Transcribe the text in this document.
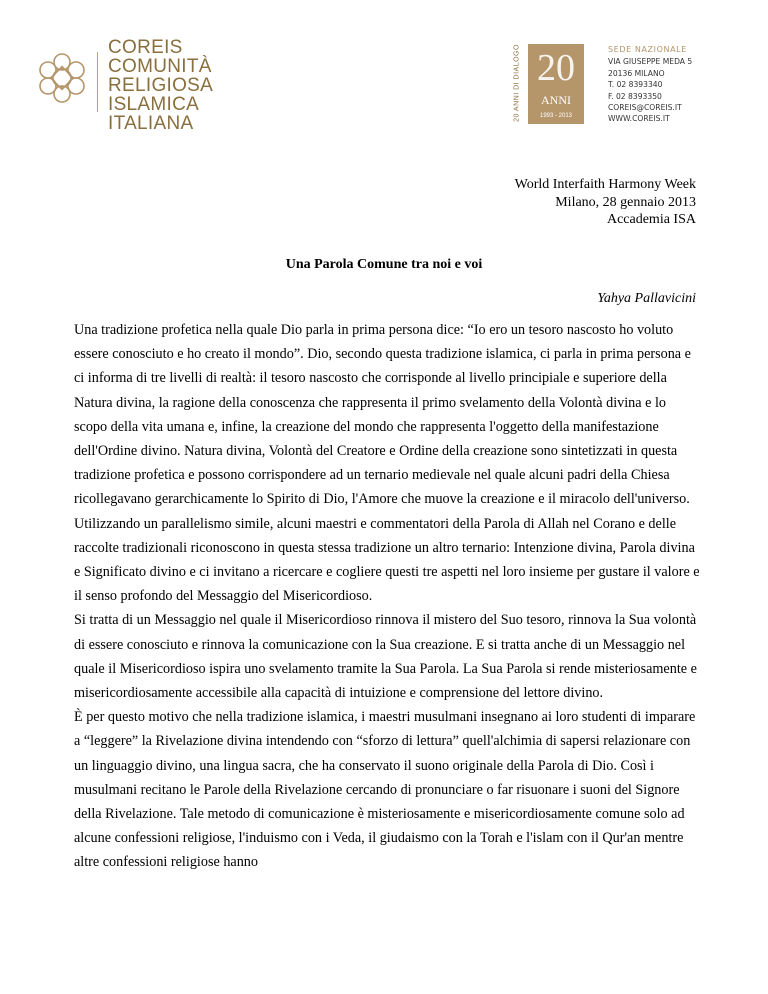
COREIS
COMUNITÀ
RELIGIOSA
ISLAMICA
ITALIANA
20 ANNI DI DIALOGO 20
ANNI
1993 - 2013
SEDE NAZIONALE
VIA GIUSEPPE MEDA 5
20136 MILANO
T. 02 8393340
F. 02 8393350
COREIS@COREIS.IT
WWW.COREIS.IT
World Interfaith Harmony Week
Milano, 28 gennaio 2013
Accademia ISA
Una Parola Comune tra noi e voi
Yahya Pallavicini

Una tradizione profetica nella quale Dio parla in prima persona dice: “Io ero un tesoro nascosto ho voluto essere conosciuto e ho creato il mondo”. Dio, secondo questa tradizione islamica, ci parla in prima persona e ci informa di tre livelli di realtà: il tesoro nascosto che corrisponde al livello principiale e superiore della Natura divina, la ragione della conoscenza che rappresenta il primo svelamento della Volontà divina e lo scopo della vita umana e, infine, la creazione del mondo che rappresenta l'oggetto della manifestazione dell'Ordine divino. Natura divina, Volontà del Creatore e Ordine della creazione sono sintetizzati in questa tradizione profetica e possono corrispondere ad un ternario medievale nel quale alcuni padri della Chiesa ricollegavano gerarchicamente lo Spirito di Dio, l'Amore che muove la creazione e il miracolo dell'universo.

Utilizzando un parallelismo simile, alcuni maestri e commentatori della Parola di Allah nel Corano e delle raccolte tradizionali riconoscono in questa stessa tradizione un altro ternario: Intenzione divina, Parola divina e Significato divino e ci invitano a ricercare e cogliere questi tre aspetti nel loro insieme per gustare il valore e il senso profondo del Messaggio del Misericordioso.

Si tratta di un Messaggio nel quale il Misericordioso rinnova il mistero del Suo tesoro, rinnova la Sua volontà di essere conosciuto e rinnova la comunicazione con la Sua creazione. E si tratta anche di un Messaggio nel quale il Misericordioso ispira uno svelamento tramite la Sua Parola. La Sua Parola si rende misteriosamente e misericordiosamente accessibile alla capacità di intuizione e comprensione del lettore divino.

È per questo motivo che nella tradizione islamica, i maestri musulmani insegnano ai loro studenti di imparare a “leggere” la Rivelazione divina intendendo con “sforzo di lettura” quell'alchimia di sapersi relazionare con un linguaggio divino, una lingua sacra, che ha conservato il suono originale della Parola di Dio. Così i musulmani recitano le Parole della Rivelazione cercando di pronunciare o far risuonare i suoni del Signore della Rivelazione. Tale metodo di comunicazione è misteriosamente e misericordiosamente comune solo ad alcune confessioni religiose, l'induismo con i Veda, il giudaismo con la Torah e l'islam con il Qur'an mentre altre confessioni religiose hanno
